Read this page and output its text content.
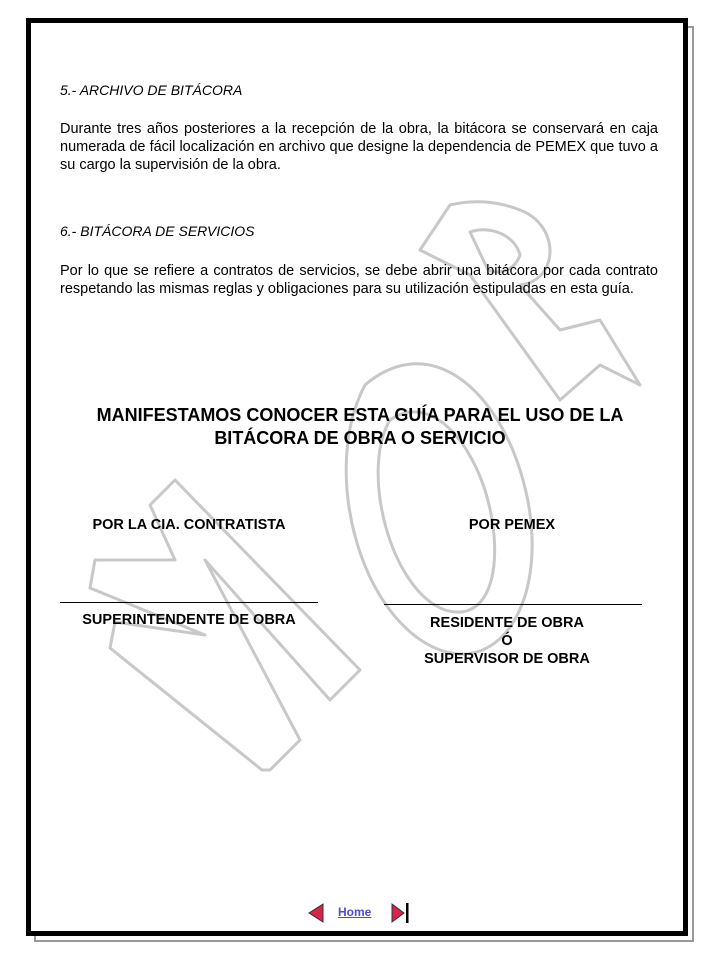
5.- ARCHIVO DE BITÁCORA

Durante tres años posteriores a la recepción de la obra, la bitácora se conservará en caja numerada de fácil localización en archivo que designe la dependencia de PEMEX que tuvo a su cargo la supervisión de la obra.

6.- BITÁCORA DE SERVICIOS

Por lo que se refiere a contratos de servicios, se debe abrir una bitácora por cada contrato respetando las mismas reglas y obligaciones para su utilización estipuladas en esta guía.

MANIFESTAMOS CONOCER ESTA GUÍA PARA EL USO DE LA
BITÁCORA DE OBRA O SERVICIO

POR LA CIA. CONTRATISTA	POR PEMEX

SUPERINTENDENTE DE OBRA	RESIDENTE DE OBRA
Ó
SUPERVISOR DE OBRA
Home
